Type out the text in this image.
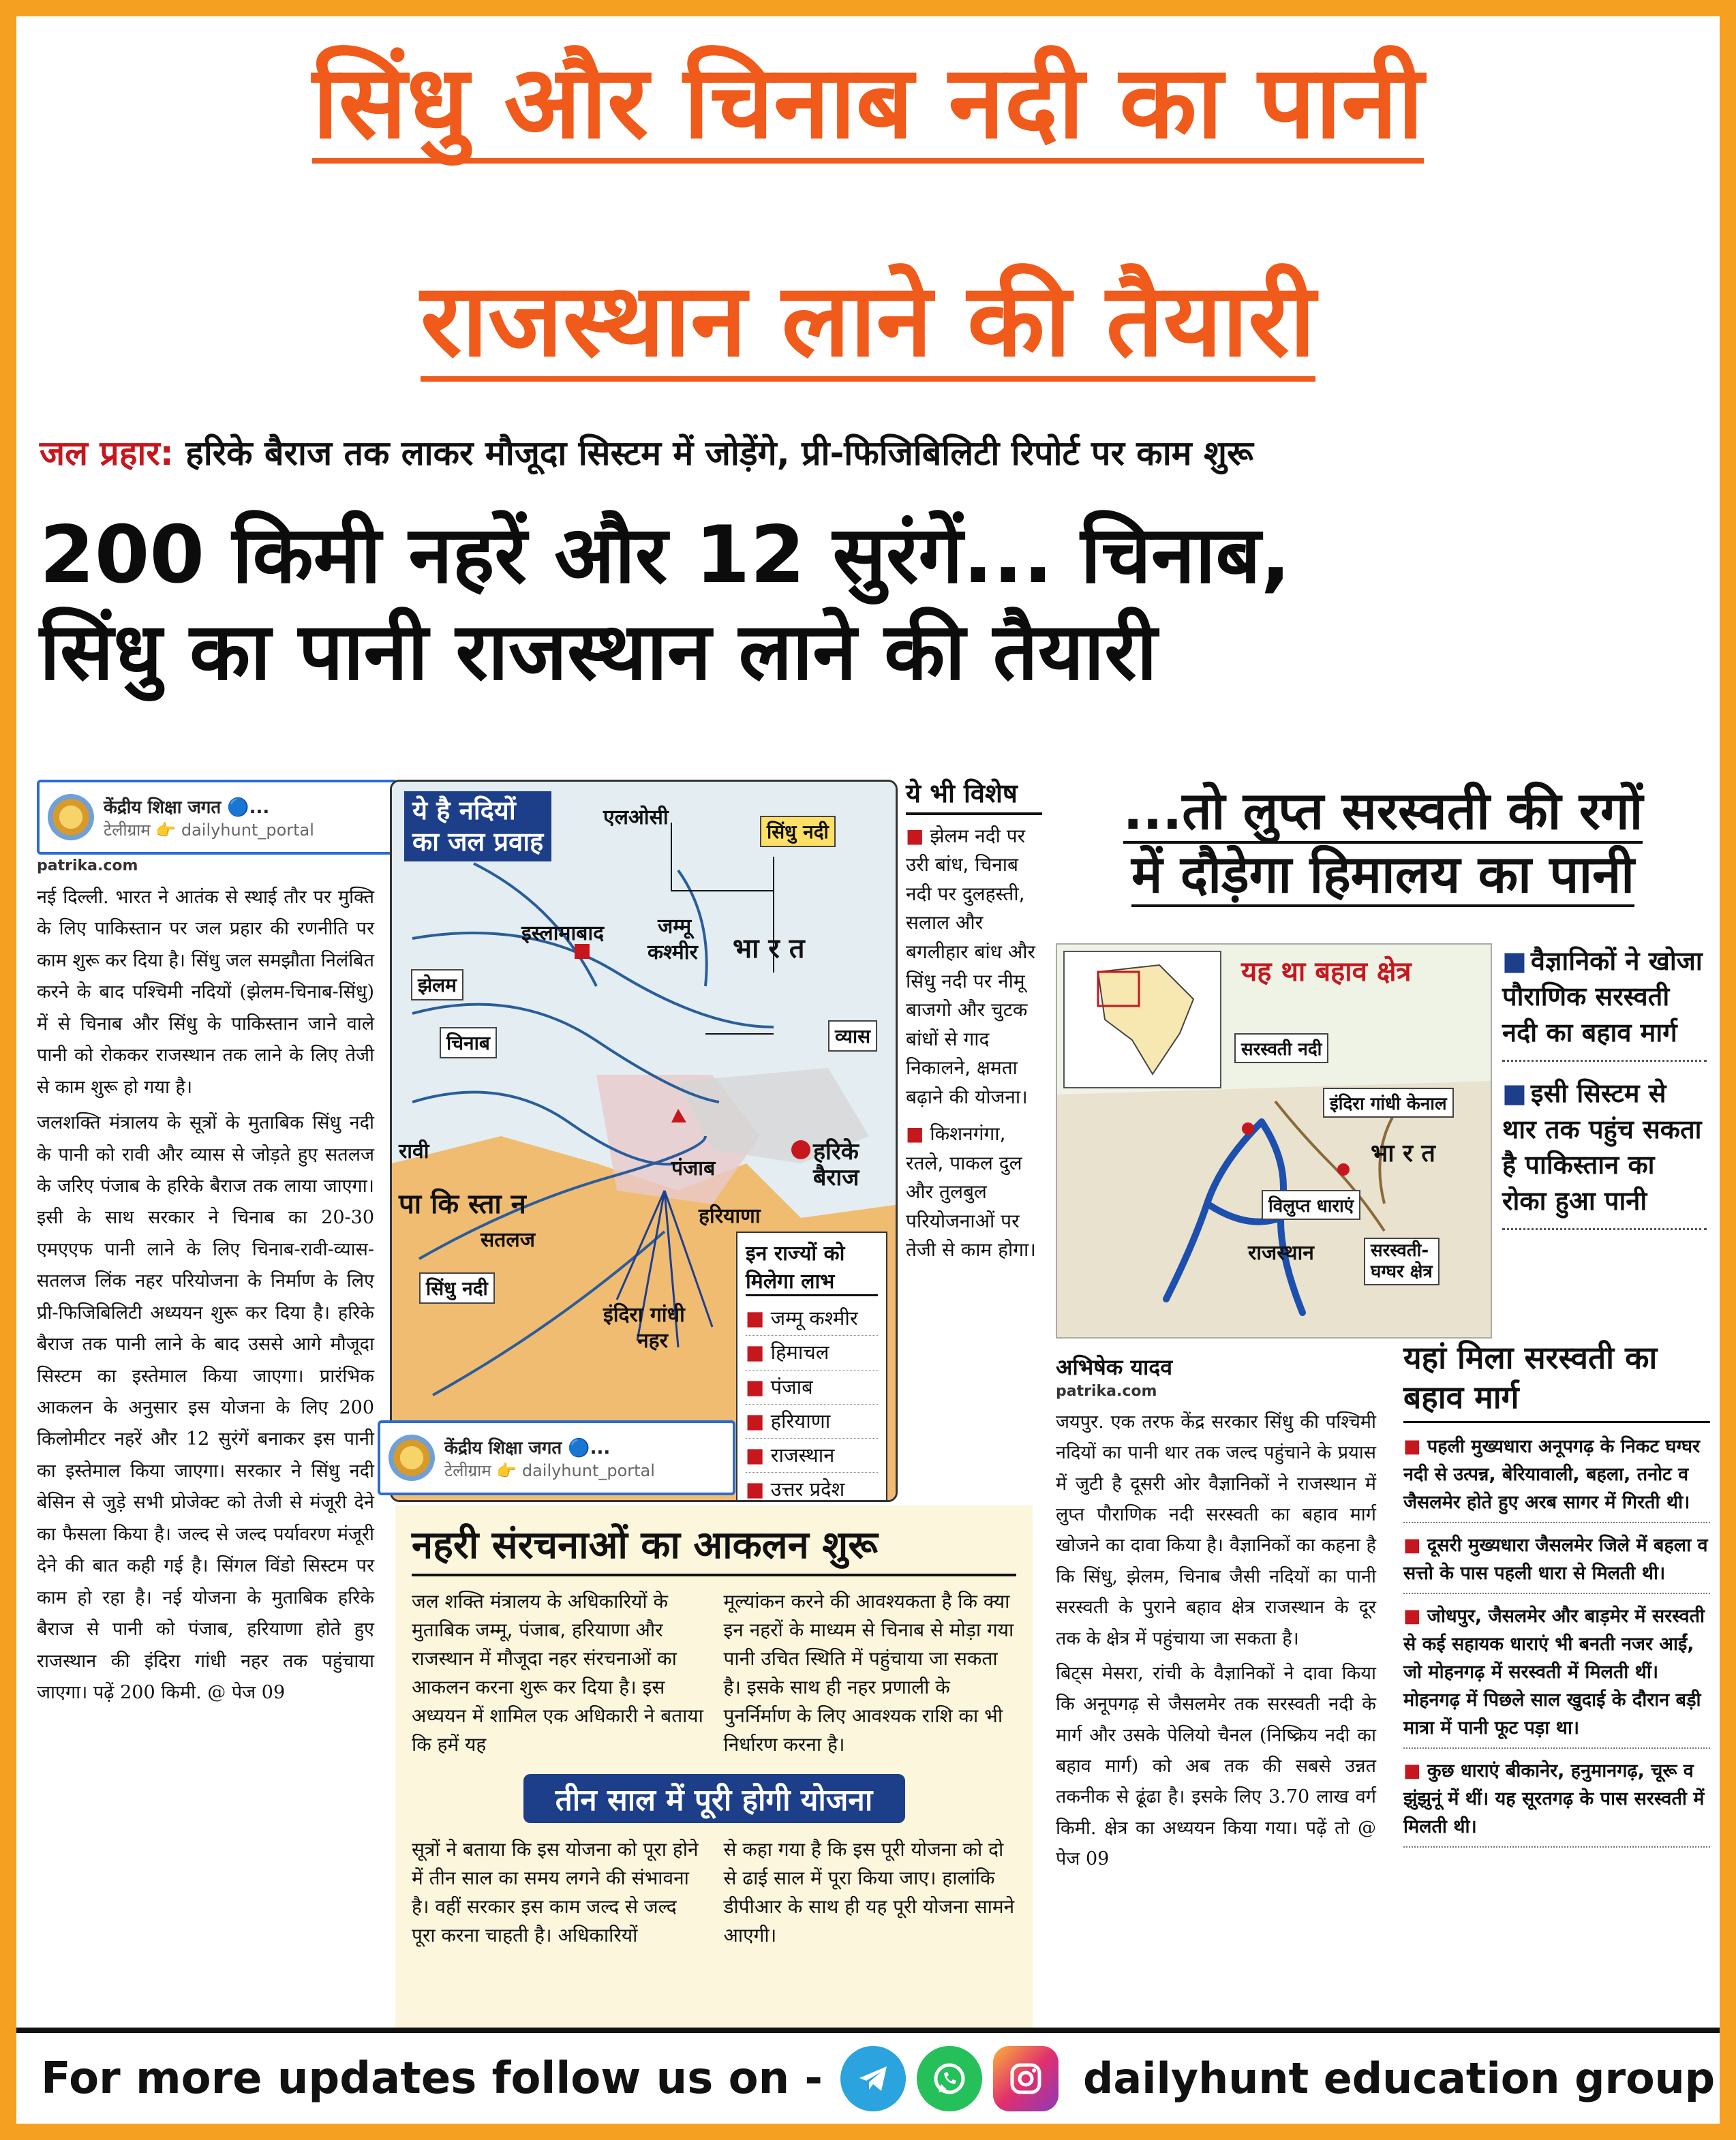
सिंधु और चिनाब नदी का पानी
राजस्थान लाने की तैयारी
जल प्रहार: हरिके बैराज तक लाकर मौजूदा सिस्टम में जोड़ेंगे, प्री-फिजिबिलिटी रिपोर्ट पर काम शुरू
200 किमी नहरें और 12 सुरंगें... चिनाब,
सिंधु का पानी राजस्थान लाने की तैयारी
केंद्रीय शिक्षा जगत 🔵...
टेलीग्राम 👉 dailyhunt_portal
patrika.com

नई दिल्ली. भारत ने आतंक से स्थाई तौर पर मुक्ति के लिए पाकिस्तान पर जल प्रहार की रणनीति पर काम शुरू कर दिया है। सिंधु जल समझौता निलंबित करने के बाद पश्चिमी नदियों (झेलम-चिनाब-सिंधु) में से चिनाब और सिंधु के पाकिस्तान जाने वाले पानी को रोककर राजस्थान तक लाने के लिए तेजी से काम शुरू हो गया है।

जलशक्ति मंत्रालय के सूत्रों के मुताबिक सिंधु नदी के पानी को रावी और व्यास से जोड़ते हुए सतलज के जरिए पंजाब के हरिके बैराज तक लाया जाएगा। इसी के साथ सरकार ने चिनाब का 20-30 एमएएफ पानी लाने के लिए चिनाब-रावी-व्यास-सतलज लिंक नहर परियोजना के निर्माण के लिए प्री-फिजिबिलिटी अध्ययन शुरू कर दिया है। हरिके बैराज तक पानी लाने के बाद उससे आगे मौजूदा सिस्टम का इस्तेमाल किया जाएगा। प्रारंभिक आकलन के अनुसार इस योजना के लिए 200 किलोमीटर नहरें और 12 सुरंगें बनाकर इस पानी का इस्तेमाल किया जाएगा। सरकार ने सिंधु नदी बेसिन से जुड़े सभी प्रोजेक्ट को तेजी से मंजूरी देने का फैसला किया है। जल्द से जल्द पर्यावरण मंजूरी देने की बात कही गई है। सिंगल विंडो सिस्टम पर काम हो रहा है। नई योजना के मुताबिक हरिके बैराज से पानी को पंजाब, हरियाणा होते हुए राजस्थान की इंदिरा गांधी नहर तक पहुंचाया जाएगा। पढ़ें 200 किमी. @ पेज 09

ये है नदियों
का जल प्रवाह
एलओसी
सिंधु नदी
इस्लामाबाद	जम्मू
कश्मीर भा र त
झेलम
चिनाब	व्यास
रावी
पा कि स्ता न
पंजाब
हरिके
बैराज
हरियाणा
सतलज
सिंधु नदी
इंदिरा गांधी
नहर
इन राज्यों को मिलेगा लाभ
■ जम्मू कश्मीर
■ हिमाचल
■ पंजाब
■ हरियाणा
■ राजस्थान
■ उत्तर प्रदेश
ये भी विशेष

■ झेलम नदी पर उरी बांध, चिनाब नदी पर दुलहस्ती, सलाल और बगलीहार बांध और सिंधु नदी पर नीमू बाजगो और चुटक बांधों से गाद निकालने, क्षमता बढ़ाने की योजना।

■ किशनगंगा, रतले, पाकल दुल और तुलबुल परियोजनाओं पर तेजी से काम होगा।

...तो लुप्त सरस्वती की रगों
में दौड़ेगा हिमालय का पानी
यह था बहाव क्षेत्र
सरस्वती नदी
इंदिरा गांधी केनाल
भा र त
विलुप्त धाराएं
राजस्थान	सरस्वती-
घग्घर क्षेत्र

■ वैज्ञानिकों ने खोजा पौराणिक सरस्वती नदी का बहाव मार्ग

■ इसी सिस्टम से थार तक पहुंच सकता है पाकिस्तान का रोका हुआ पानी

अभिषेक यादव
patrika.com

जयपुर. एक तरफ केंद्र सरकार सिंधु की पश्चिमी नदियों का पानी थार तक जल्द पहुंचाने के प्रयास में जुटी है दूसरी ओर वैज्ञानिकों ने राजस्थान में लुप्त पौराणिक नदी सरस्वती का बहाव मार्ग खोजने का दावा किया है। वैज्ञानिकों का कहना है कि सिंधु, झेलम, चिनाब जैसी नदियों का पानी सरस्वती के पुराने बहाव क्षेत्र राजस्थान के दूर तक के क्षेत्र में पहुंचाया जा सकता है।

बिट्स मेसरा, रांची के वैज्ञानिकों ने दावा किया कि अनूपगढ़ से जैसलमेर तक सरस्वती नदी के मार्ग और उसके पेलियो चैनल (निष्क्रिय नदी का बहाव मार्ग) को अब तक की सबसे उन्नत तकनीक से ढूंढा है। इसके लिए 3.70 लाख वर्ग किमी. क्षेत्र का अध्ययन किया गया। पढ़ें तो @ पेज 09

यहां मिला सरस्वती का बहाव मार्ग

■ पहली मुख्यधारा अनूपगढ़ के निकट घग्घर नदी से उत्पन्न, बेरियावाली, बहला, तनोट व जैसलमेर होते हुए अरब सागर में गिरती थी।

■ दूसरी मुख्यधारा जैसलमेर जिले में बहला व सत्तो के पास पहली धारा से मिलती थी।

■ जोधपुर, जैसलमेर और बाड़मेर में सरस्वती से कई सहायक धाराएं भी बनती नजर आईं, जो मोहनगढ़ में सरस्वती में मिलती थीं। मोहनगढ़ में पिछले साल खुदाई के दौरान बड़ी मात्रा में पानी फूट पड़ा था।

■ कुछ धाराएं बीकानेर, हनुमानगढ़, चूरू व झुंझुनूं में थीं। यह सूरतगढ़ के पास सरस्वती में मिलती थी।

नहरी संरचनाओं का आकलन शुरू
जल शक्ति मंत्रालय के अधिकारियों के मुताबिक जम्मू, पंजाब, हरियाणा और राजस्थान में मौजूदा नहर संरचनाओं का आकलन करना शुरू कर दिया है। इस अध्ययन में शामिल एक अधिकारी ने बताया कि हमें यह
मूल्यांकन करने की आवश्यकता है कि क्या इन नहरों के माध्यम से चिनाब से मोड़ा गया पानी उचित स्थिति में पहुंचाया जा सकता है। इसके साथ ही नहर प्रणाली के पुनर्निर्माण के लिए आवश्यक राशि का भी निर्धारण करना है।
तीन साल में पूरी होगी योजना
सूत्रों ने बताया कि इस योजना को पूरा होने में तीन साल का समय लगने की संभावना है। वहीं सरकार इस काम जल्द से जल्द पूरा करना चाहती है। अधिकारियों
से कहा गया है कि इस पूरी योजना को दो से ढाई साल में पूरा किया जाए। हालांकि डीपीआर के साथ ही यह पूरी योजना सामने आएगी।
केंद्रीय शिक्षा जगत 🔵...
टेलीग्राम 👉 dailyhunt_portal
For more updates follow us on -	dailyhunt education group
